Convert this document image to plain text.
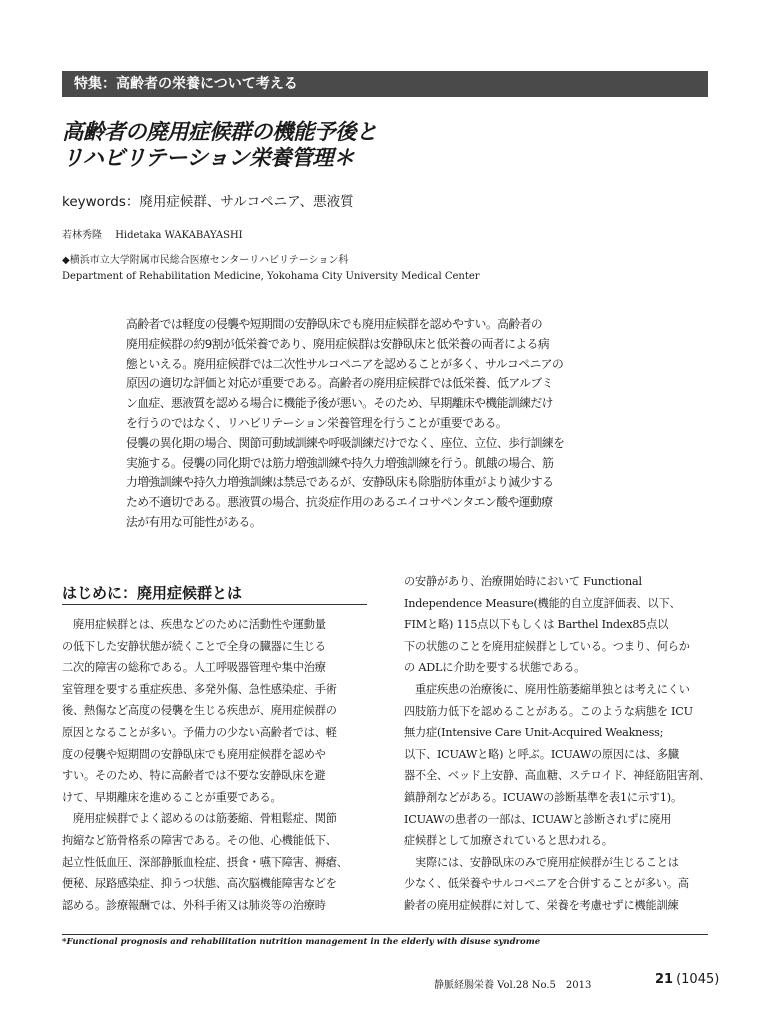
特集：高齢者の栄養について考える
高齢者の廃用症候群の機能予後と
リハビリテーション栄養管理＊
keywords：廃用症候群、サルコペニア、悪液質
若林秀隆 Hidetaka WAKABAYASHI
◆横浜市立大学附属市民総合医療センターリハビリテーション科
Department of Rehabilitation Medicine, Yokohama City University Medical Center
高齢者では軽度の侵襲や短期間の安静臥床でも廃用症候群を認めやすい。高齢者の
廃用症候群の約9割が低栄養であり、廃用症候群は安静臥床と低栄養の両者による病
態といえる。廃用症候群では二次性サルコペニアを認めることが多く、サルコペニアの
原因の適切な評価と対応が重要である。高齢者の廃用症候群では低栄養、低アルブミ
ン血症、悪液質を認める場合に機能予後が悪い。そのため、早期離床や機能訓練だけ
を行うのではなく、リハビリテーション栄養管理を行うことが重要である。
侵襲の異化期の場合、関節可動域訓練や呼吸訓練だけでなく、座位、立位、歩行訓練を
実施する。侵襲の同化期では筋力増強訓練や持久力増強訓練を行う。飢餓の場合、筋
力増強訓練や持久力増強訓練は禁忌であるが、安静臥床も除脂肪体重がより減少する
ため不適切である。悪液質の場合、抗炎症作用のあるエイコサペンタエン酸や運動療
法が有用な可能性がある。
はじめに：廃用症候群とは
　廃用症候群とは、疾患などのために活動性や運動量
の低下した安静状態が続くことで全身の臓器に生じる
二次的障害の総称である。人工呼吸器管理や集中治療
室管理を要する重症疾患、多発外傷、急性感染症、手術
後、熱傷など高度の侵襲を生じる疾患が、廃用症候群の
原因となることが多い。予備力の少ない高齢者では、軽
度の侵襲や短期間の安静臥床でも廃用症候群を認めや
すい。そのため、特に高齢者では不要な安静臥床を避
けて、早期離床を進めることが重要である。
　廃用症候群でよく認めるのは筋萎縮、骨粗鬆症、関節
拘縮など筋骨格系の障害である。その他、心機能低下、
起立性低血圧、深部静脈血栓症、摂食・嚥下障害、褥瘡、
便秘、尿路感染症、抑うつ状態、高次脳機能障害などを
認める。診療報酬では、外科手術又は肺炎等の治療時
の安静があり、治療開始時において Functional
Independence Measure(機能的自立度評価表、以下、
FIMと略) 115点以下もしくは Barthel Index85点以
下の状態のことを廃用症候群としている。つまり、何らか
の ADLに介助を要する状態である。
　重症疾患の治療後に、廃用性筋萎縮単独とは考えにくい
四肢筋力低下を認めることがある。このような病態を ICU
無力症(Intensive Care Unit-Acquired Weakness;
以下、ICUAWと略) と呼ぶ。ICUAWの原因には、多臓
器不全、ベッド上安静、高血糖、ステロイド、神経筋阻害剤、
鎮静剤などがある。ICUAWの診断基準を表1に示す1)。
ICUAWの患者の一部は、ICUAWと診断されずに廃用
症候群として加療されていると思われる。
　実際には、安静臥床のみで廃用症候群が生じることは
少なく、低栄養やサルコペニアを合併することが多い。高
齢者の廃用症候群に対して、栄養を考慮せずに機能訓練
*Functional prognosis and rehabilitation nutrition management in the elderly with disuse syndrome
静脈経腸栄養 Vol.28 No.5　2013	21 (1045)
